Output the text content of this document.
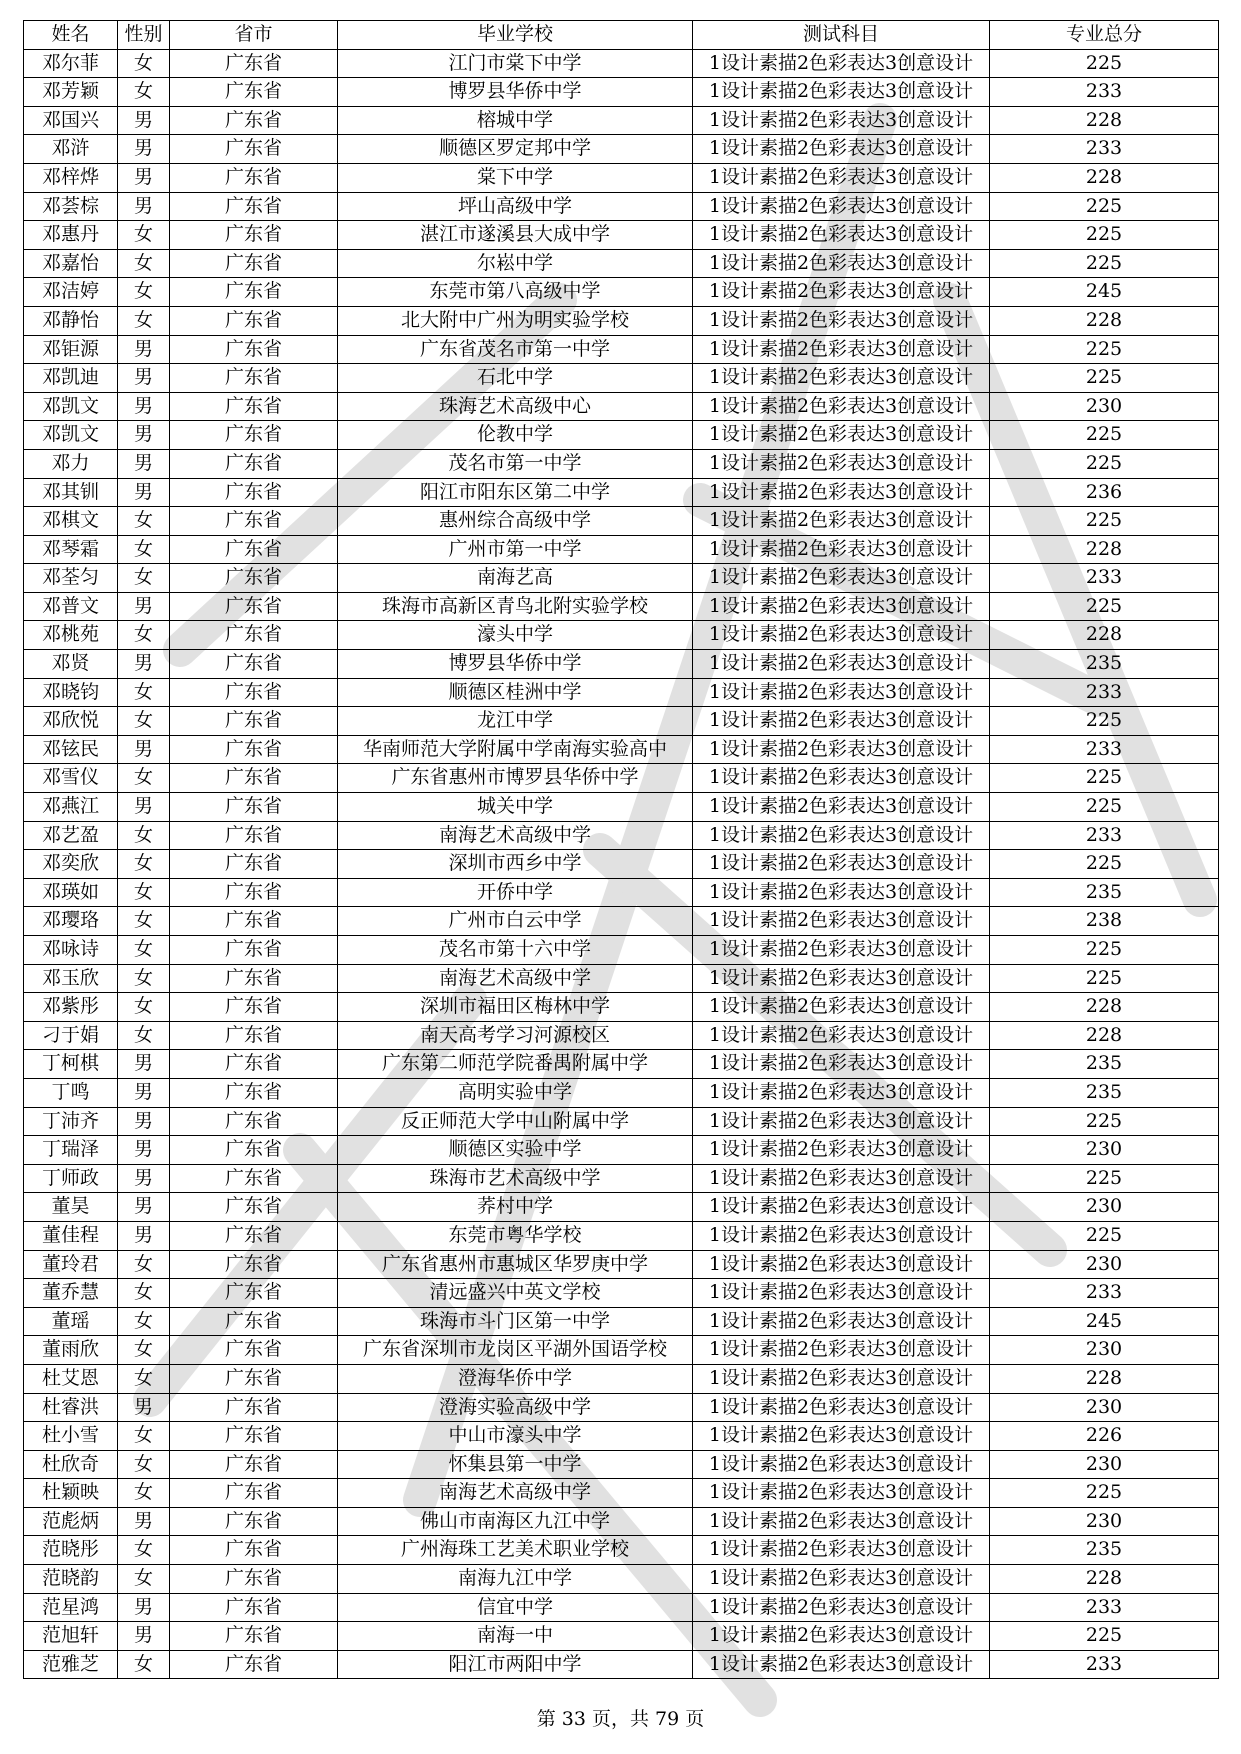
姓名	性别	省市	毕业学校	测试科目	专业总分
邓尔菲	女	广东省	江门市棠下中学	1设计素描2色彩表达3创意设计	225
邓芳颖	女	广东省	博罗县华侨中学	1设计素描2色彩表达3创意设计	233
邓国兴	男	广东省	榕城中学	1设计素描2色彩表达3创意设计	228
邓浒	男	广东省	顺德区罗定邦中学	1设计素描2色彩表达3创意设计	233
邓梓烨	男	广东省	棠下中学	1设计素描2色彩表达3创意设计	228
邓荟棕	男	广东省	坪山高级中学	1设计素描2色彩表达3创意设计	225
邓惠丹	女	广东省	湛江市遂溪县大成中学	1设计素描2色彩表达3创意设计	225
邓嘉怡	女	广东省	尔崧中学	1设计素描2色彩表达3创意设计	225
邓洁婷	女	广东省	东莞市第八高级中学	1设计素描2色彩表达3创意设计	245
邓静怡	女	广东省	北大附中广州为明实验学校	1设计素描2色彩表达3创意设计	228
邓钜源	男	广东省	广东省茂名市第一中学	1设计素描2色彩表达3创意设计	225
邓凯迪	男	广东省	石北中学	1设计素描2色彩表达3创意设计	225
邓凯文	男	广东省	珠海艺术高级中心	1设计素描2色彩表达3创意设计	230
邓凯文	男	广东省	伦教中学	1设计素描2色彩表达3创意设计	225
邓力	男	广东省	茂名市第一中学	1设计素描2色彩表达3创意设计	225
邓其钏	男	广东省	阳江市阳东区第二中学	1设计素描2色彩表达3创意设计	236
邓棋文	女	广东省	惠州综合高级中学	1设计素描2色彩表达3创意设计	225
邓琴霜	女	广东省	广州市第一中学	1设计素描2色彩表达3创意设计	228
邓荃匀	女	广东省	南海艺高	1设计素描2色彩表达3创意设计	233
邓普文	男	广东省	珠海市高新区青鸟北附实验学校	1设计素描2色彩表达3创意设计	225
邓桃苑	女	广东省	濠头中学	1设计素描2色彩表达3创意设计	228
邓贤	男	广东省	博罗县华侨中学	1设计素描2色彩表达3创意设计	235
邓晓钧	女	广东省	顺德区桂洲中学	1设计素描2色彩表达3创意设计	233
邓欣悦	女	广东省	龙江中学	1设计素描2色彩表达3创意设计	225
邓铉民	男	广东省	华南师范大学附属中学南海实验高中	1设计素描2色彩表达3创意设计	233
邓雪仪	女	广东省	广东省惠州市博罗县华侨中学	1设计素描2色彩表达3创意设计	225
邓燕江	男	广东省	城关中学	1设计素描2色彩表达3创意设计	225
邓艺盈	女	广东省	南海艺术高级中学	1设计素描2色彩表达3创意设计	233
邓奕欣	女	广东省	深圳市西乡中学	1设计素描2色彩表达3创意设计	225
邓瑛如	女	广东省	开侨中学	1设计素描2色彩表达3创意设计	235
邓璎珞	女	广东省	广州市白云中学	1设计素描2色彩表达3创意设计	238
邓咏诗	女	广东省	茂名市第十六中学	1设计素描2色彩表达3创意设计	225
邓玉欣	女	广东省	南海艺术高级中学	1设计素描2色彩表达3创意设计	225
邓紫彤	女	广东省	深圳市福田区梅林中学	1设计素描2色彩表达3创意设计	228
刁于娟	女	广东省	南天高考学习河源校区	1设计素描2色彩表达3创意设计	228
丁柯棋	男	广东省	广东第二师范学院番禺附属中学	1设计素描2色彩表达3创意设计	235
丁鸣	男	广东省	高明实验中学	1设计素描2色彩表达3创意设计	235
丁沛齐	男	广东省	反正师范大学中山附属中学	1设计素描2色彩表达3创意设计	225
丁瑞泽	男	广东省	顺德区实验中学	1设计素描2色彩表达3创意设计	230
丁师政	男	广东省	珠海市艺术高级中学	1设计素描2色彩表达3创意设计	225
董昊	男	广东省	荞村中学	1设计素描2色彩表达3创意设计	230
董佳程	男	广东省	东莞市粤华学校	1设计素描2色彩表达3创意设计	225
董玲君	女	广东省	广东省惠州市惠城区华罗庚中学	1设计素描2色彩表达3创意设计	230
董乔慧	女	广东省	清远盛兴中英文学校	1设计素描2色彩表达3创意设计	233
董瑶	女	广东省	珠海市斗门区第一中学	1设计素描2色彩表达3创意设计	245
董雨欣	女	广东省	广东省深圳市龙岗区平湖外国语学校	1设计素描2色彩表达3创意设计	230
杜艾恩	女	广东省	澄海华侨中学	1设计素描2色彩表达3创意设计	228
杜睿洪	男	广东省	澄海实验高级中学	1设计素描2色彩表达3创意设计	230
杜小雪	女	广东省	中山市濠头中学	1设计素描2色彩表达3创意设计	226
杜欣奇	女	广东省	怀集县第一中学	1设计素描2色彩表达3创意设计	230
杜颖映	女	广东省	南海艺术高级中学	1设计素描2色彩表达3创意设计	225
范彪炳	男	广东省	佛山市南海区九江中学	1设计素描2色彩表达3创意设计	230
范晓彤	女	广东省	广州海珠工艺美术职业学校	1设计素描2色彩表达3创意设计	235
范晓韵	女	广东省	南海九江中学	1设计素描2色彩表达3创意设计	228
范星鸿	男	广东省	信宜中学	1设计素描2色彩表达3创意设计	233
范旭轩	男	广东省	南海一中	1设计素描2色彩表达3创意设计	225
范雅芝	女	广东省	阳江市两阳中学	1设计素描2色彩表达3创意设计	233
第 33 页，共 79 页
